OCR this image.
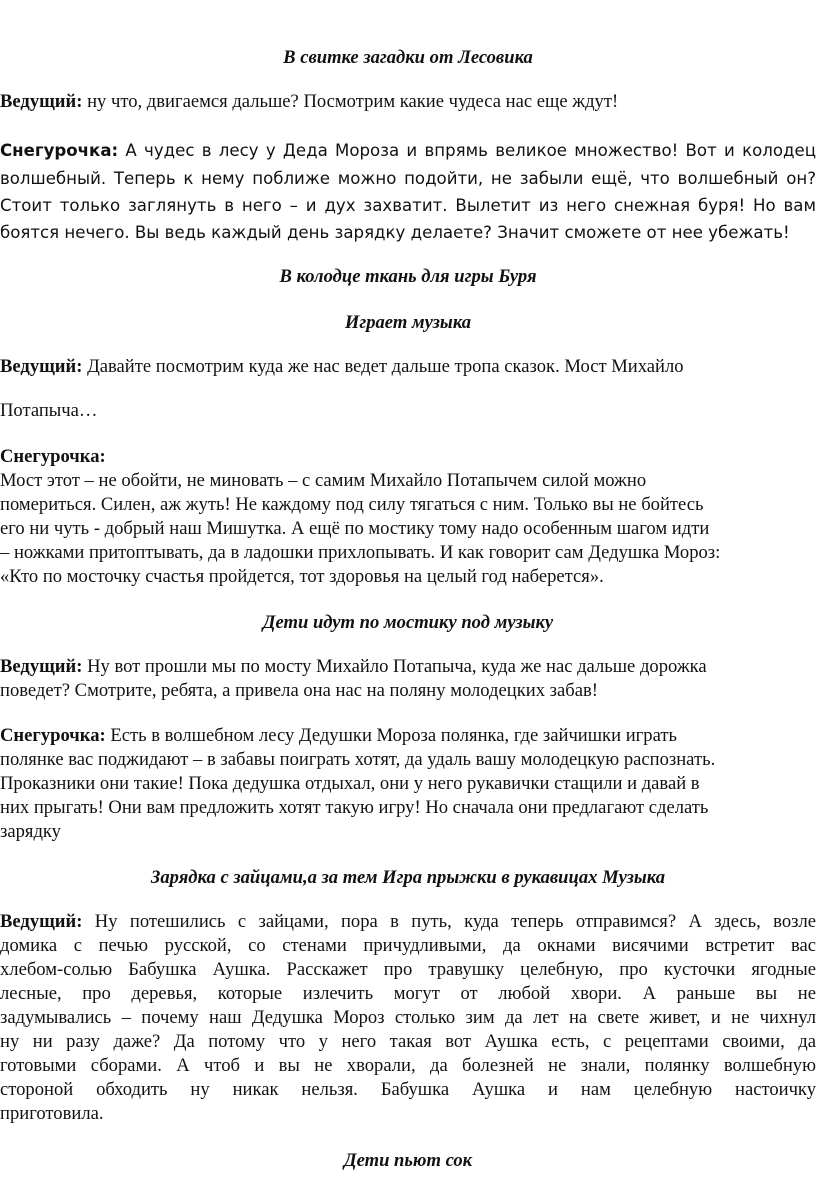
В свитке загадки от Лесовика
Ведущий: ну что, двигаемся дальше? Посмотрим какие чудеса нас еще ждут!
Снегурочка: А чудес в лесу у Деда Мороза и впрямь великое множество! Вот и колодец
волшебный. Теперь к нему поближе можно подойти, не забыли ещё, что волшебный он?
Стоит только заглянуть в него – и дух захватит. Вылетит из него снежная буря! Но вам
боятся нечего. Вы ведь каждый день зарядку делаете? Значит сможете от нее убежать!
В колодце ткань для игры Буря
Играет музыка
Ведущий: Давайте посмотрим куда же нас ведет дальше тропа сказок. Мост Михайло
Потапыча…
Снегурочка:
Мост этот – не обойти, не миновать – с самим Михайло Потапычем силой можно
помериться. Силен, аж жуть! Не каждому под силу тягаться с ним. Только вы не бойтесь
его ни чуть - добрый наш Мишутка. А ещё по мостику тому надо особенным шагом идти
– ножками притоптывать, да в ладошки прихлопывать. И как говорит сам Дедушка Мороз:
«Кто по мосточку счастья пройдется, тот здоровья на целый год наберется».
Дети идут по мостику под музыку
Ведущий: Ну вот прошли мы по мосту Михайло Потапыча, куда же нас дальше дорожка
поведет? Смотрите, ребята, а привела она нас на поляну молодецких забав!
Снегурочка: Есть в волшебном лесу Дедушки Мороза полянка, где зайчишки играть
полянке вас поджидают – в забавы поиграть хотят, да удаль вашу молодецкую распознать.
Проказники они такие! Пока дедушка отдыхал, они у него рукавички стащили и давай в
них прыгать! Они вам предложить хотят такую игру! Но сначала они предлагают сделать
зарядку
Зарядка с зайцами,а за тем Игра прыжки в рукавицах Музыка
Ведущий: Ну потешились с зайцами, пора в путь, куда теперь отправимся? А здесь, возле
домика с печью русской, со стенами причудливыми, да окнами висячими встретит вас
хлебом-солью Бабушка Аушка. Расскажет про травушку целебную, про кусточки ягодные
лесные, про деревья, которые излечить могут от любой хвори. А раньше вы не
задумывались – почему наш Дедушка Мороз столько зим да лет на свете живет, и не чихнул
ну ни разу даже? Да потому что у него такая вот Аушка есть, с рецептами своими, да
готовыми сборами. А чтоб и вы не хворали, да болезней не знали, полянку волшебную
стороной обходить ну никак нельзя. Бабушка Аушка и нам целебную настоичку
приготовила.
Дети пьют сок
